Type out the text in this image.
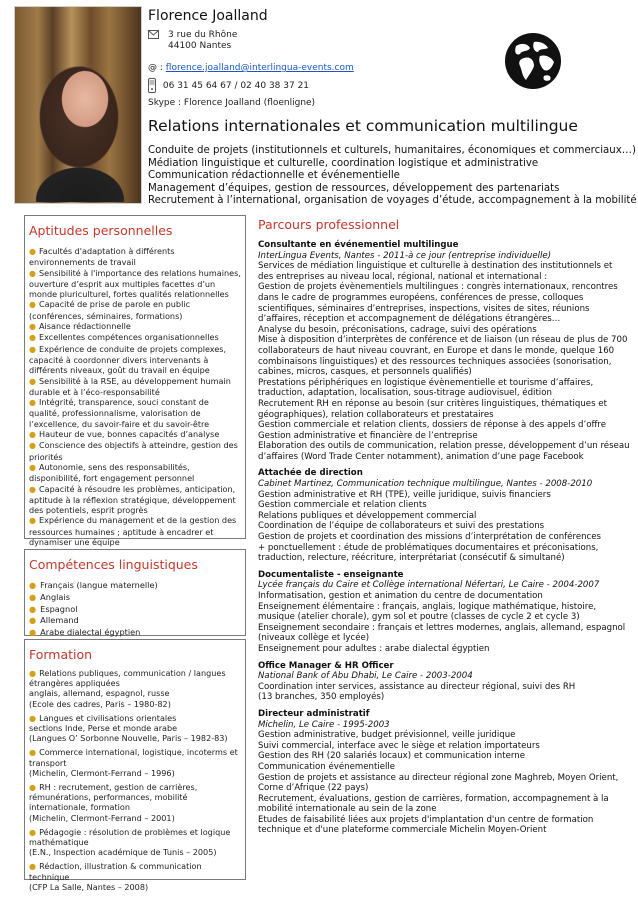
Florence Joalland
3 rue du Rhône
44100 Nantes
@ : florence.joalland@interlingua-events.com
06 31 45 64 67 / 02 40 38 37 21
Skype : Florence Joalland (floenligne)
Relations internationales et communication multilingue
Conduite de projets (institutionnels et culturels, humanitaires, économiques et commerciaux…)
Médiation linguistique et culturelle, coordination logistique et administrative
Communication rédactionnelle et événementielle
Management d’équipes, gestion de ressources, développement des partenariats
Recrutement à l’international, organisation de voyages d’étude, accompagnement à la mobilité
Aptitudes personnelles
● Facultés d'adaptation à différents environnements de travail
● Sensibilité à l'importance des relations humaines, ouverture d’esprit aux multiples facettes d’un monde pluriculturel, fortes qualités relationnelles
● Capacité de prise de parole en public (conférences, séminaires, formations)
● Aisance rédactionnelle
● Excellentes compétences organisationnelles
● Expérience de conduite de projets complexes, capacité à coordonner divers intervenants à différents niveaux, goût du travail en équipe
● Sensibilité à la RSE, au développement humain durable et à l’éco-responsabilité
● Intégrité, transparence, souci constant de qualité, professionnalisme, valorisation de l’excellence, du savoir-faire et du savoir-être
● Hauteur de vue, bonnes capacités d’analyse
● Conscience des objectifs à atteindre, gestion des priorités
● Autonomie, sens des responsabilités, disponibilité, fort engagement personnel
● Capacité à résoudre les problèmes, anticipation, aptitude à la réflexion stratégique, développement des potentiels, esprit progrès
● Expérience du management et de la gestion des ressources humaines ; aptitude à encadrer et dynamiser une équipe
Compétences linguistiques
● Français (langue maternelle)
● Anglais
● Espagnol
● Allemand
● Arabe dialectal égyptien
Formation
● Relations publiques, communication / langues étrangères appliquées
anglais, allemand, espagnol, russe
(Ecole des cadres, Paris – 1980-82)
● Langues et civilisations orientales
sections Inde, Perse et monde arabe
(Langues O’ Sorbonne Nouvelle, Paris – 1982-83)
● Commerce international, logistique, incoterms et transport
(Michelin, Clermont-Ferrand – 1996)
● RH : recrutement, gestion de carrières, rémunérations, performances, mobilité internationale, formation
(Michelin, Clermont-Ferrand – 2001)
● Pédagogie : résolution de problèmes et logique mathématique
(E.N., Inspection académique de Tunis – 2005)
● Rédaction, illustration & communication technique
(CFP La Salle, Nantes – 2008)
Parcours professionnel
Consultante en événementiel multilingue
InterLingua Events, Nantes - 2011-à ce jour (entreprise individuelle)
Services de médiation linguistique et culturelle à destination des institutionnels et
des entreprises au niveau local, régional, national et international :
Gestion de projets évènementiels multilingues : congrès internationaux, rencontres
dans le cadre de programmes européens, conférences de presse, colloques
scientifiques, séminaires d’entreprises, inspections, visites de sites, réunions
d’affaires, réception et accompagnement de délégations étrangères…
Analyse du besoin, préconisations, cadrage, suivi des opérations
Mise à disposition d’interprètes de conférence et de liaison (un réseau de plus de 700
collaborateurs de haut niveau couvrant, en Europe et dans le monde, quelque 160
combinaisons linguistiques) et des ressources techniques associées (sonorisation,
cabines, micros, casques, et personnels qualifiés)
Prestations périphériques en logistique évènementielle et tourisme d’affaires,
traduction, adaptation, localisation, sous-titrage audiovisuel, édition
Recrutement RH en réponse au besoin (sur critères linguistiques, thématiques et
géographiques), relation collaborateurs et prestataires
Gestion commerciale et relation clients, dossiers de réponse à des appels d’offre
Gestion administrative et financière de l’entreprise
Elaboration des outils de communication, relation presse, développement d’un réseau
d’affaires (Word Trade Center notamment), animation d’une page Facebook
Attachée de direction
Cabinet Martinez, Communication technique multilingue, Nantes - 2008-2010
Gestion administrative et RH (TPE), veille juridique, suivis financiers
Gestion commerciale et relation clients
Relations publiques et développement commercial
Coordination de l’équipe de collaborateurs et suivi des prestations
Gestion de projets et coordination des missions d’interprétation de conférences
+ ponctuellement : étude de problématiques documentaires et préconisations,
traduction, relecture, réécriture, interprétariat (consécutif & simultané)
Documentaliste - enseignante
Lycée français du Caire et Collège international Néfertari, Le Caire - 2004-2007
Informatisation, gestion et animation du centre de documentation
Enseignement élémentaire : français, anglais, logique mathématique, histoire,
musique (atelier chorale), gym sol et poutre (classes de cycle 2 et cycle 3)
Enseignement secondaire : français et lettres modernes, anglais, allemand, espagnol
(niveaux collège et lycée)
Enseignement pour adultes : arabe dialectal égyptien
Office Manager & HR Officer
National Bank of Abu Dhabi, Le Caire - 2003-2004
Coordination inter services, assistance au directeur régional, suivi des RH
(13 branches, 350 employés)
Directeur administratif
Michelin, Le Caire - 1995-2003
Gestion administrative, budget prévisionnel, veille juridique
Suivi commercial, interface avec le siège et relation importateurs
Gestion des RH (20 salariés locaux) et communication interne
Communication événementielle
Gestion de projets et assistance au directeur régional zone Maghreb, Moyen Orient,
Corne d’Afrique (22 pays)
Recrutement, évaluations, gestion de carrières, formation, accompagnement à la
mobilité internationale au sein de la zone
Etudes de faisabilité liées aux projets d'implantation d'un centre de formation
technique et d'une plateforme commerciale Michelin Moyen-Orient
